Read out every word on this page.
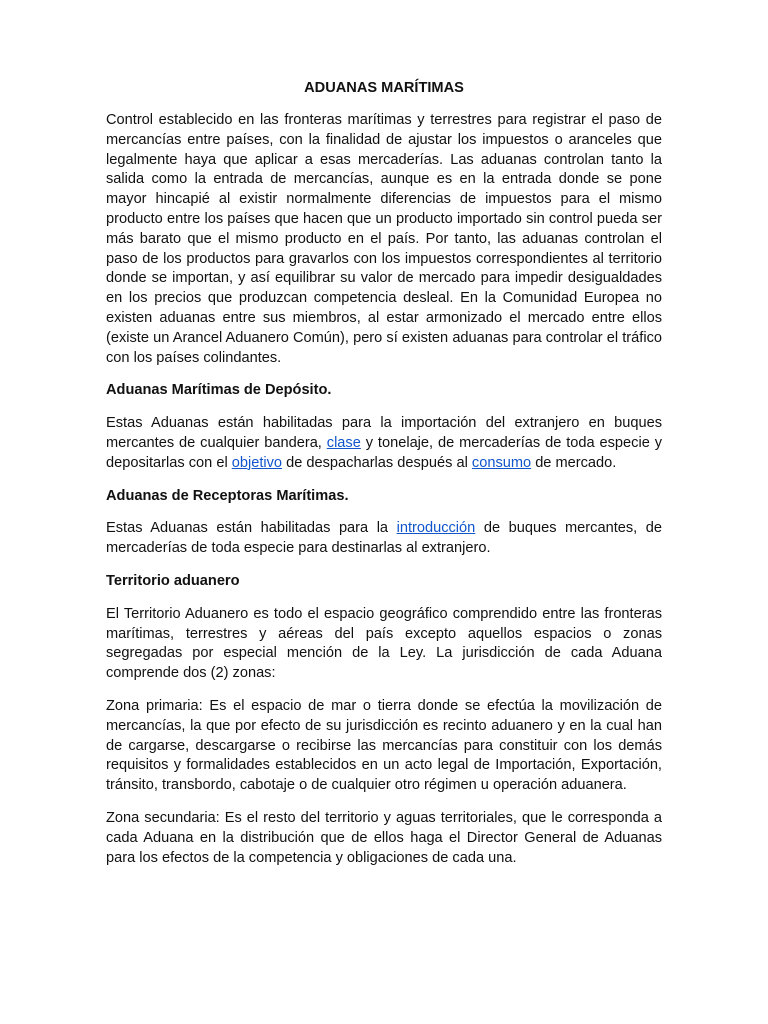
ADUANAS MARÍTIMAS

Control establecido en las fronteras marítimas y terrestres para registrar el paso de mercancías entre países, con la finalidad de ajustar los impuestos o aranceles que legalmente haya que aplicar a esas mercaderías. Las aduanas controlan tanto la salida como la entrada de mercancías, aunque es en la entrada donde se pone mayor hincapié al existir normalmente diferencias de impuestos para el mismo producto entre los países que hacen que un producto importado sin control pueda ser más barato que el mismo producto en el país. Por tanto, las aduanas controlan el paso de los productos para gravarlos con los impuestos correspondientes al territorio donde se importan, y así equilibrar su valor de mercado para impedir desigualdades en los precios que produzcan competencia desleal. En la Comunidad Europea no existen aduanas entre sus miembros, al estar armonizado el mercado entre ellos (existe un Arancel Aduanero Común), pero sí existen aduanas para controlar el tráfico con los países colindantes.

Aduanas Marítimas de Depósito.

Estas Aduanas están habilitadas para la importación del extranjero en buques mercantes de cualquier bandera, clase y tonelaje, de mercaderías de toda especie y depositarlas con el objetivo de despacharlas después al consumo de mercado.

Aduanas de Receptoras Marítimas.

Estas Aduanas están habilitadas para la introducción de buques mercantes, de mercaderías de toda especie para destinarlas al extranjero.

Territorio aduanero

El Territorio Aduanero es todo el espacio geográfico comprendido entre las fronteras marítimas, terrestres y aéreas del país excepto aquellos espacios o zonas segregadas por especial mención de la Ley. La jurisdicción de cada Aduana comprende dos (2) zonas:

Zona primaria: Es el espacio de mar o tierra donde se efectúa la movilización de mercancías, la que por efecto de su jurisdicción es recinto aduanero y en la cual han de cargarse, descargarse o recibirse las mercancías para constituir con los demás requisitos y formalidades establecidos en un acto legal de Importación, Exportación, tránsito, transbordo, cabotaje o de cualquier otro régimen u operación aduanera.

Zona secundaria: Es el resto del territorio y aguas territoriales, que le corresponda a cada Aduana en la distribución que de ellos haga el Director General de Aduanas para los efectos de la competencia y obligaciones de cada una.
